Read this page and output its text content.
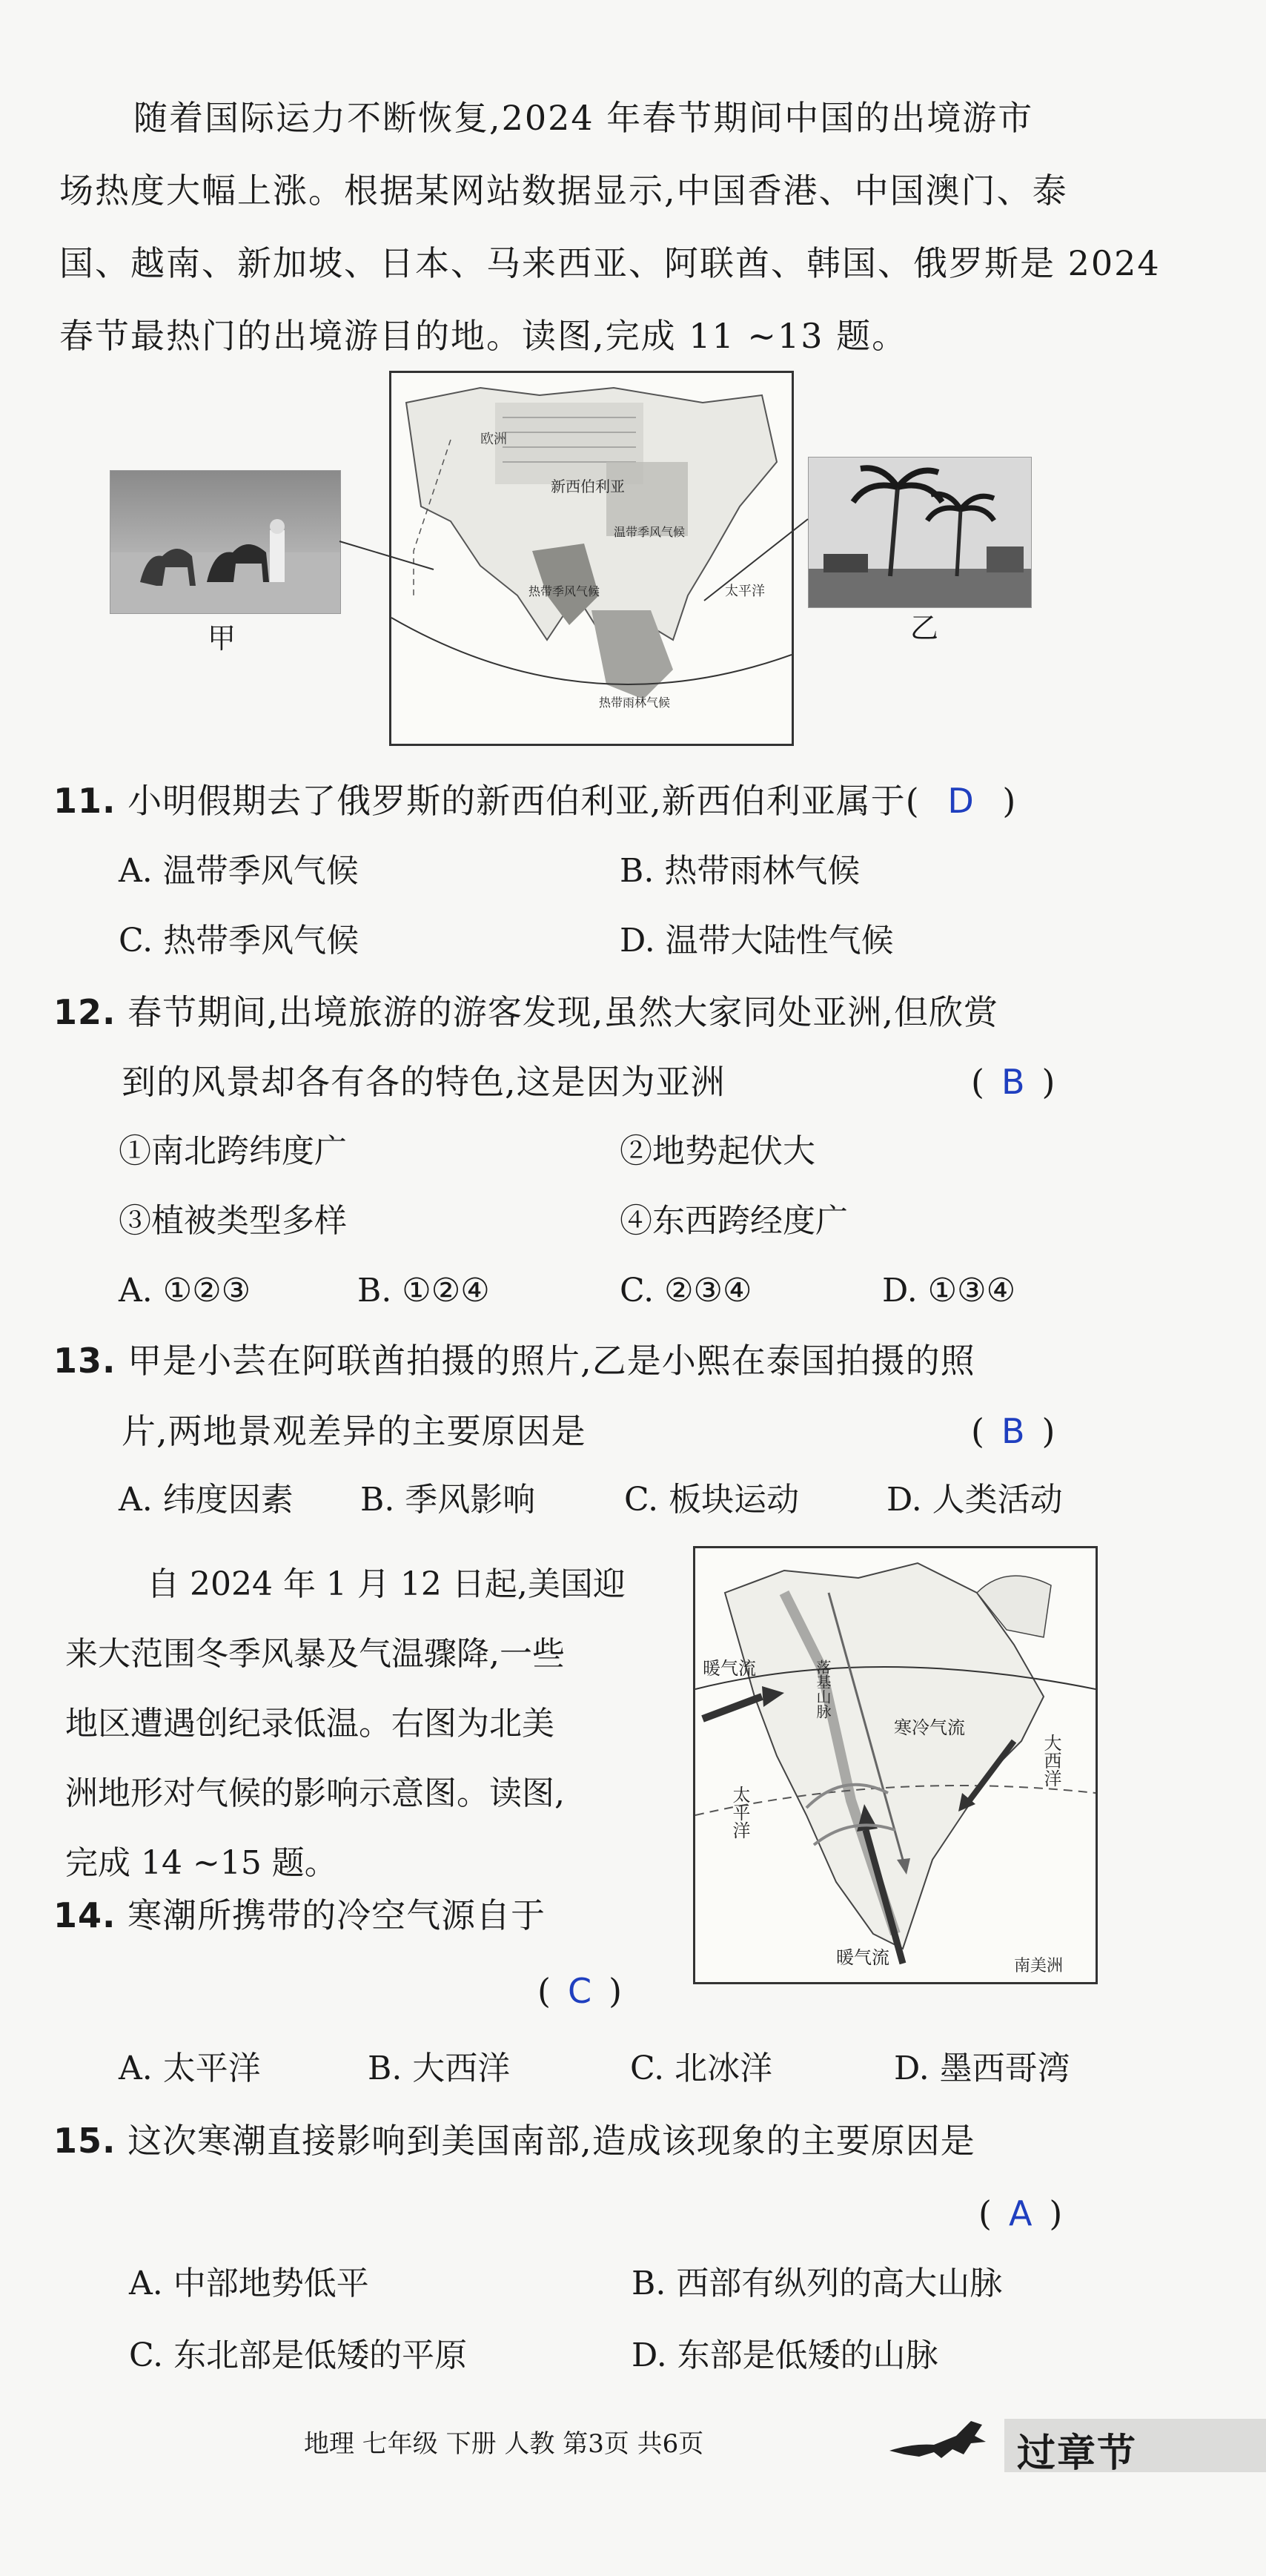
随着国际运力不断恢复,2024 年春节期间中国的出境游市
场热度大幅上涨。根据某网站数据显示,中国香港、中国澳门、泰
国、越南、新加坡、日本、马来西亚、阿联酋、韩国、俄罗斯是 2024
春节最热门的出境游目的地。读图,完成 11 ~13 题。
甲
欧洲
新西伯利亚
温带季风气候
热带季风气候
热带雨林气候
太平洋
乙
11. 小明假期去了俄罗斯的新西伯利亚,新西伯利亚属于( D )
A. 温带季风气候	B. 热带雨林气候
C. 热带季风气候	D. 温带大陆性气候
12. 春节期间,出境旅游的游客发现,虽然大家同处亚洲,但欣赏
到的风景却各有各的特色,这是因为亚洲	( B )
①南北跨纬度广	②地势起伏大
③植被类型多样	④东西跨经度广
A. ①②③	B. ①②④	C. ②③④	D. ①③④
13. 甲是小芸在阿联酋拍摄的照片,乙是小熙在泰国拍摄的照
片,两地景观差异的主要原因是	( B )
A. 纬度因素 B. 季风影响	C. 板块运动	D. 人类活动
自 2024 年 1 月 12 日起,美国迎
来大范围冬季风暴及气温骤降,一些
地区遭遇创纪录低温。右图为北美
洲地形对气候的影响示意图。读图,
完成 14 ~15 题。
暖气流	落基山脉
寒冷气流
大西洋
太平洋
暖气流	南美洲
14. 寒潮所携带的冷空气源自于
( C )
A. 太平洋	B. 大西洋	C. 北冰洋	D. 墨西哥湾
15. 这次寒潮直接影响到美国南部,造成该现象的主要原因是
( A )
A. 中部地势低平	B. 西部有纵列的高大山脉
C. 东北部是低矮的平原	D. 东部是低矮的山脉
地理 七年级 下册 人教 第3页 共6页	过章节
